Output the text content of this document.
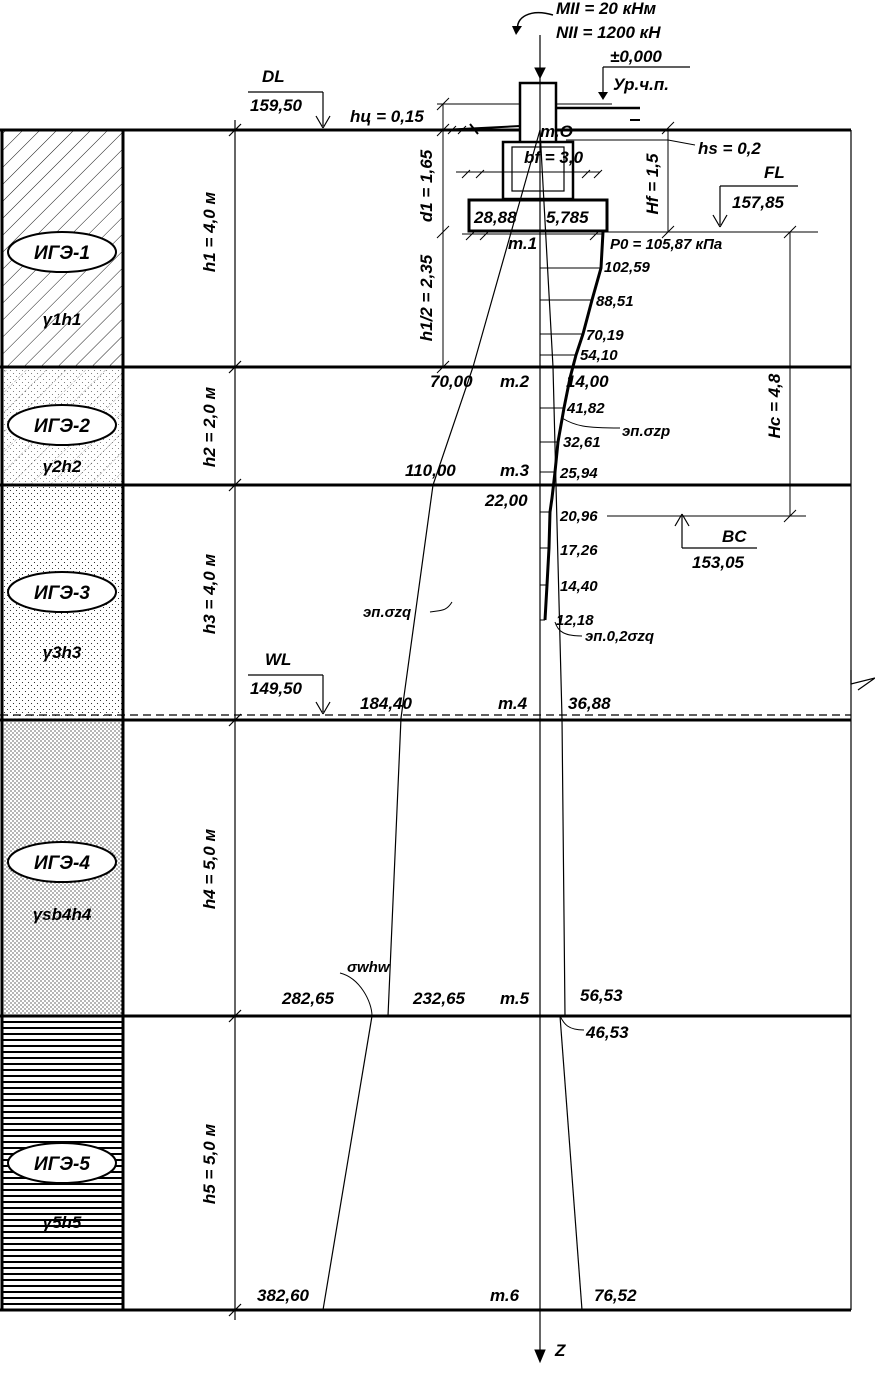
ИГЭ-1
γ1h1
ИГЭ-2
γ2h2
ИГЭ-3
γ3h3
ИГЭ-4
γsb4h4
ИГЭ-5
γ5h5
h1 = 4,0 м
h2 = 2,0 м
h3 = 4,0 м
h4 = 5,0 м
h5 = 5,0 м
Z
MII = 20 кНм
NII = 1200 кН
±0,000
Ур.ч.п.
DL
159,50
FL
157,85
BC
153,05
WL
149,50
hц = 0,15
hs = 0,2
d1 = 1,65	Hf = 1,5
h1/2 = 2,35
Hc = 4,8
bf = 3,0
28,88 5,785
P0 = 105,87 кПа
т.О
т.1
т.2
т.3
т.4
т.5
т.6
70,00
110,00
184,40
232,65
282,65
382,60
эп.σzq
σwhw
14,00
22,00
36,88
56,53
46,53
76,52
эп.0,2σzq
102,59
88,51
70,19
54,10
41,82
32,61
25,94
20,96
17,26
14,40
12,18
эп.σzp
